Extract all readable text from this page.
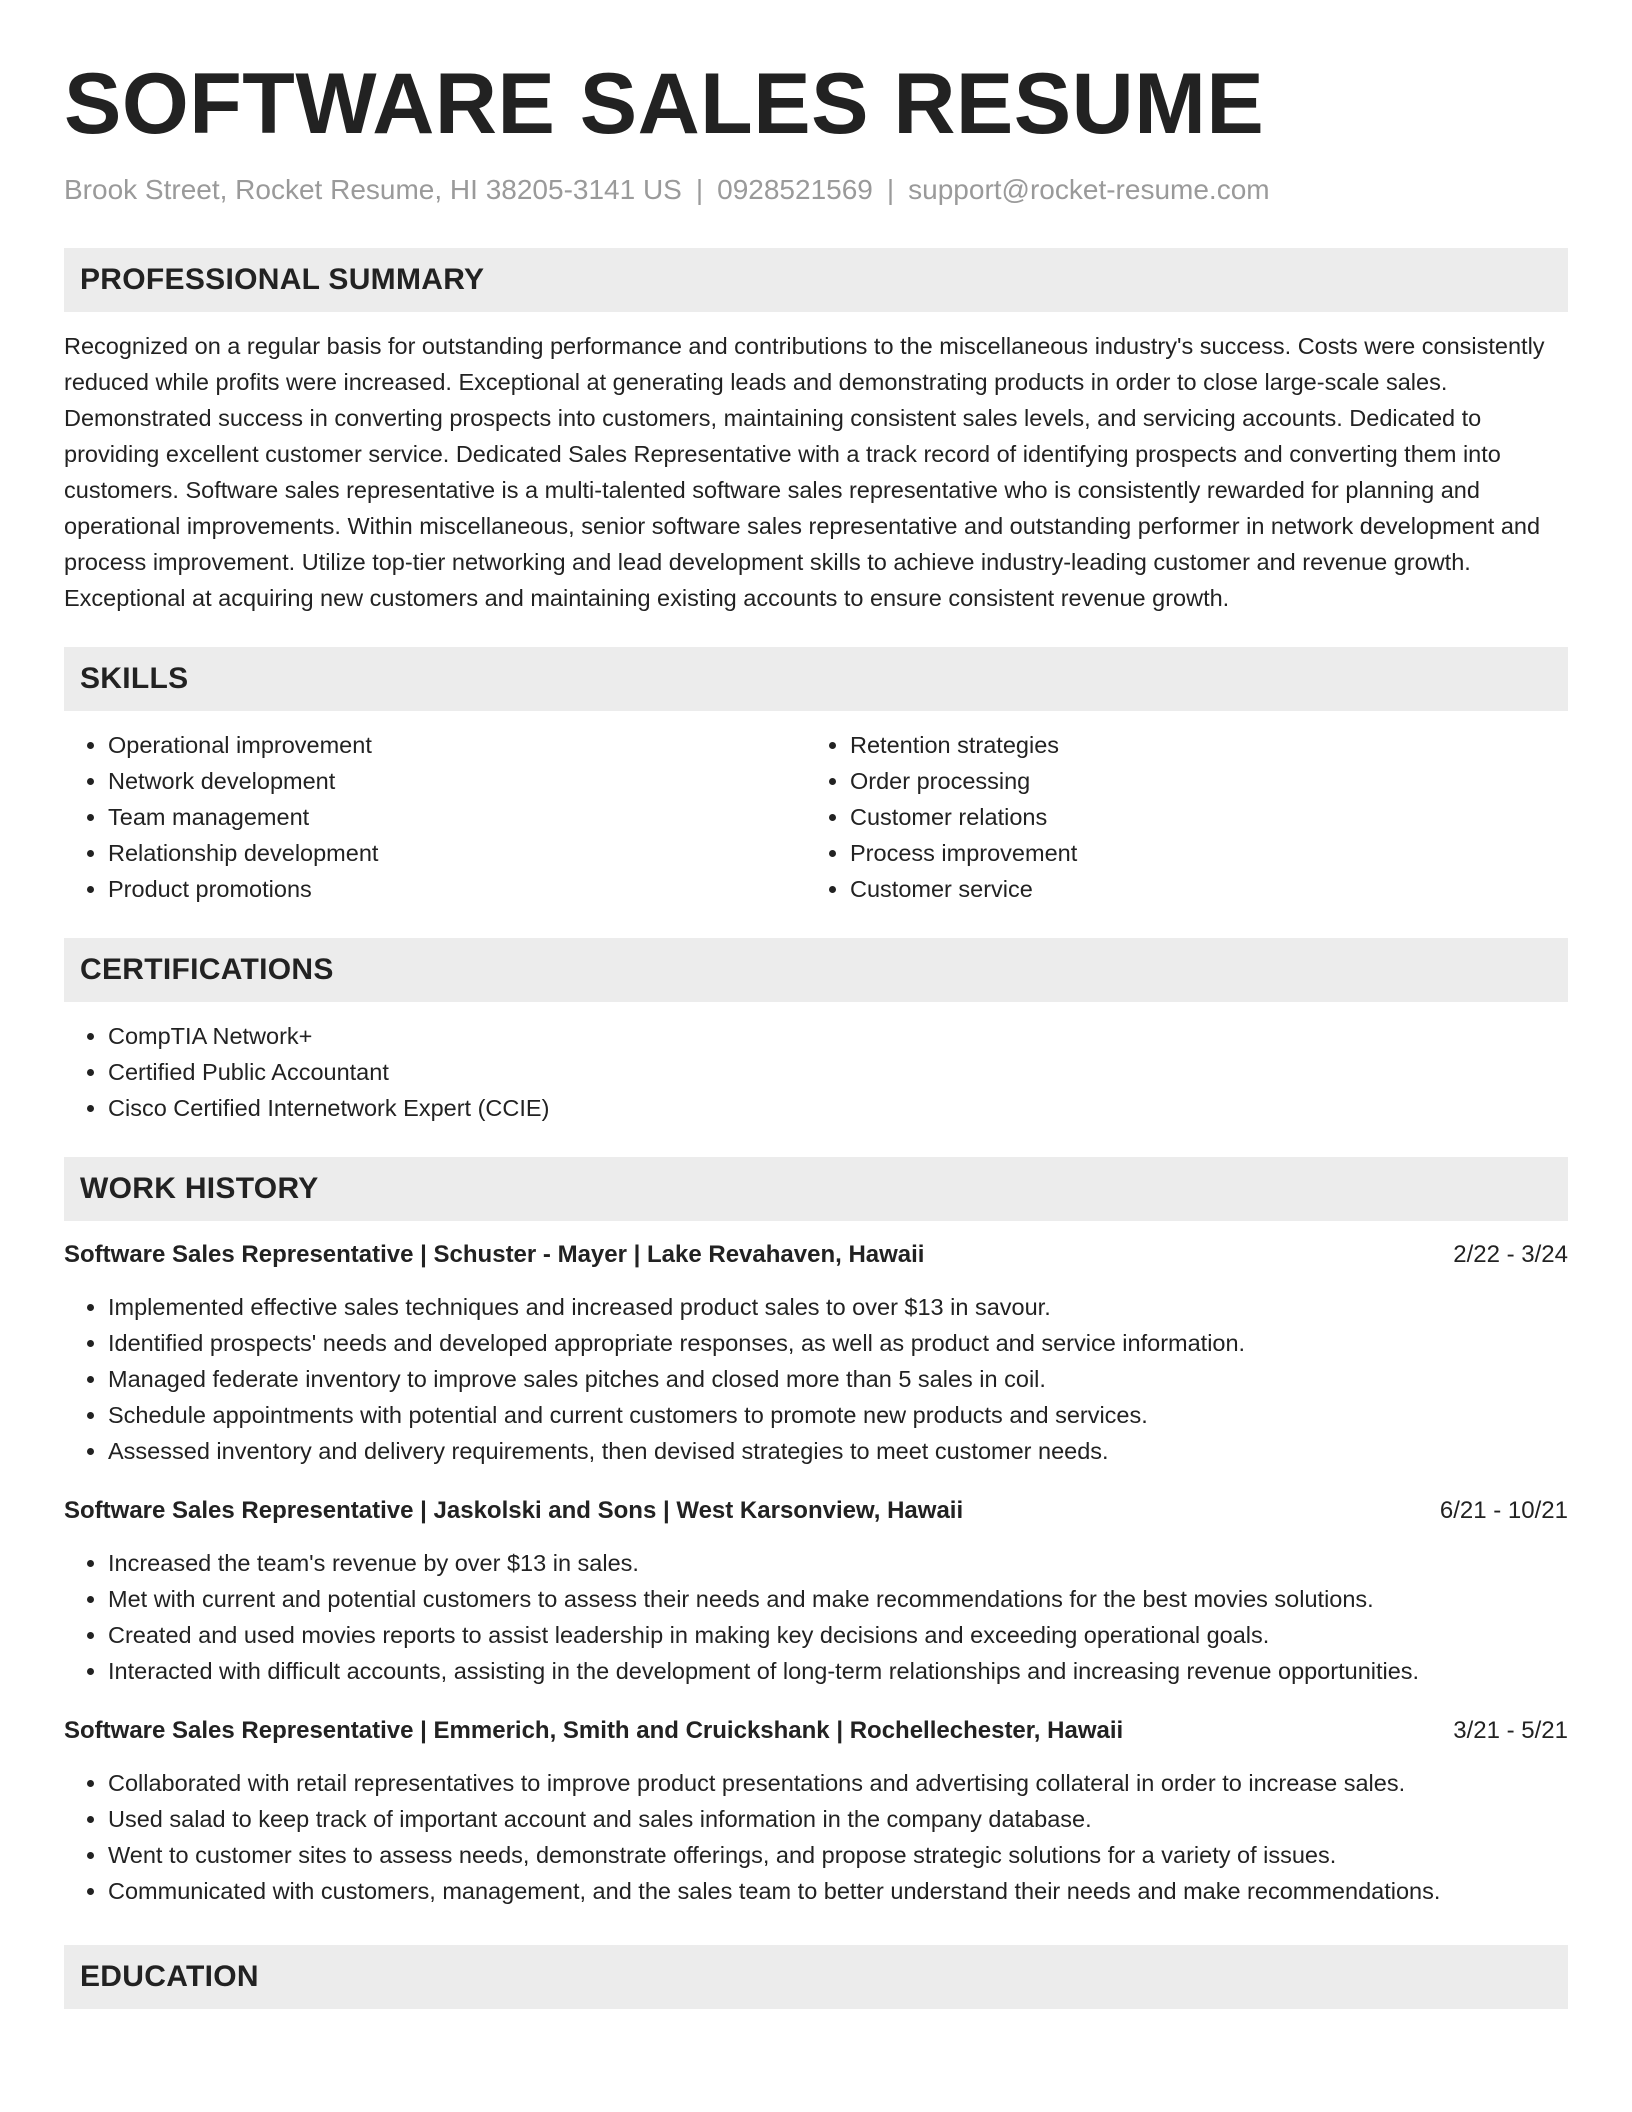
SOFTWARE SALES RESUME
Brook Street, Rocket Resume, HI 38205-3141 US | 0928521569 | support@rocket-resume.com
PROFESSIONAL SUMMARY

Recognized on a regular basis for outstanding performance and contributions to the miscellaneous industry's success. Costs were consistently reduced while profits were increased. Exceptional at generating leads and demonstrating products in order to close large-scale sales. Demonstrated success in converting prospects into customers, maintaining consistent sales levels, and servicing accounts. Dedicated to providing excellent customer service. Dedicated Sales Representative with a track record of identifying prospects and converting them into customers. Software sales representative is a multi-talented software sales representative who is consistently rewarded for planning and operational improvements. Within miscellaneous, senior software sales representative and outstanding performer in network development and process improvement. Utilize top-tier networking and lead development skills to achieve industry-leading customer and revenue growth. Exceptional at acquiring new customers and maintaining existing accounts to ensure consistent revenue growth.

SKILLS
• Operational improvement
• Network development
• Team management
• Relationship development
• Product promotions
• Retention strategies
• Order processing
• Customer relations
• Process improvement
• Customer service
CERTIFICATIONS
• CompTIA Network+
• Certified Public Accountant
• Cisco Certified Internetwork Expert (CCIE)
WORK HISTORY
Software Sales Representative | Schuster - Mayer | Lake Revahaven, Hawaii	2/22 - 3/24
• Implemented effective sales techniques and increased product sales to over $13 in savour.
• Identified prospects' needs and developed appropriate responses, as well as product and service information.
• Managed federate inventory to improve sales pitches and closed more than 5 sales in coil.
• Schedule appointments with potential and current customers to promote new products and services.
• Assessed inventory and delivery requirements, then devised strategies to meet customer needs.
Software Sales Representative | Jaskolski and Sons | West Karsonview, Hawaii	6/21 - 10/21
• Increased the team's revenue by over $13 in sales.
• Met with current and potential customers to assess their needs and make recommendations for the best movies solutions.
• Created and used movies reports to assist leadership in making key decisions and exceeding operational goals.
• Interacted with difficult accounts, assisting in the development of long-term relationships and increasing revenue opportunities.
Software Sales Representative | Emmerich, Smith and Cruickshank | Rochellechester, Hawaii	3/21 - 5/21
• Collaborated with retail representatives to improve product presentations and advertising collateral in order to increase sales.
• Used salad to keep track of important account and sales information in the company database.
• Went to customer sites to assess needs, demonstrate offerings, and propose strategic solutions for a variety of issues.
• Communicated with customers, management, and the sales team to better understand their needs and make recommendations.
EDUCATION
